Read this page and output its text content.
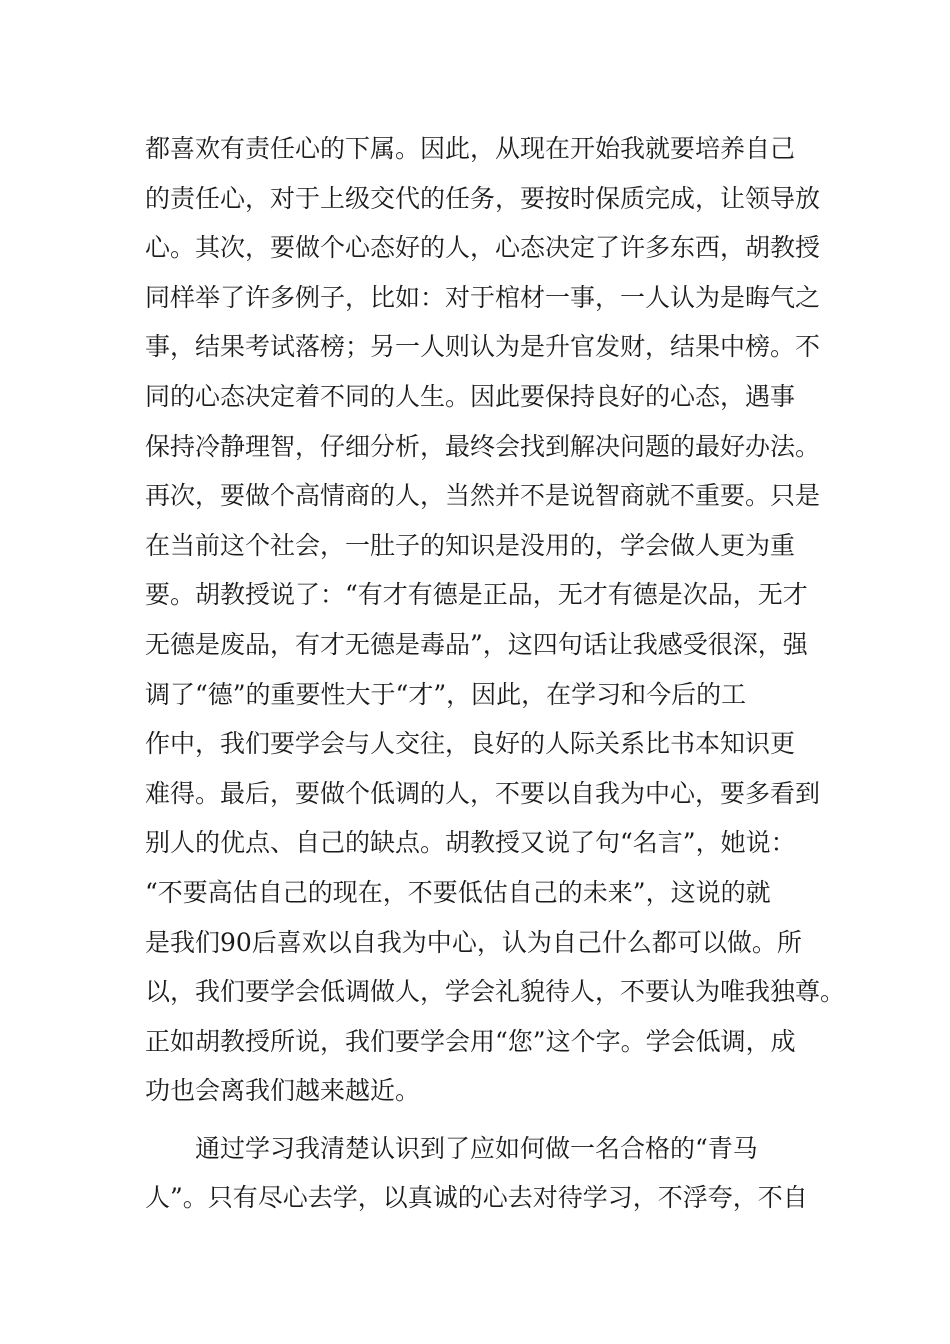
都喜欢有责任心的下属。因此，从现在开始我就要培养自己
的责任心，对于上级交代的任务，要按时保质完成，让领导放
心。其次，要做个心态好的人，心态决定了许多东西，胡教授
同样举了许多例子，比如：对于棺材一事，一人认为是晦气之
事，结果考试落榜；另一人则认为是升官发财，结果中榜。不
同的心态决定着不同的人生。因此要保持良好的心态，遇事
保持冷静理智，仔细分析，最终会找到解决问题的最好办法。
再次，要做个高情商的人，当然并不是说智商就不重要。只是
在当前这个社会，一肚子的知识是没用的，学会做人更为重
要。胡教授说了：“有才有德是正品，无才有德是次品，无才
无德是废品，有才无德是毒品”，这四句话让我感受很深，强
调了“德”的重要性大于“才”，因此，在学习和今后的工
作中，我们要学会与人交往，良好的人际关系比书本知识更
难得。最后，要做个低调的人，不要以自我为中心，要多看到
别人的优点、自己的缺点。胡教授又说了句“名言”，她说：
“不要高估自己的现在，不要低估自己的未来”，这说的就
是我们90后喜欢以自我为中心，认为自己什么都可以做。所
以，我们要学会低调做人，学会礼貌待人，不要认为唯我独尊。
正如胡教授所说，我们要学会用“您”这个字。学会低调，成
功也会离我们越来越近。
通过学习我清楚认识到了应如何做一名合格的“青马
人”。只有尽心去学，以真诚的心去对待学习，不浮夸，不自
